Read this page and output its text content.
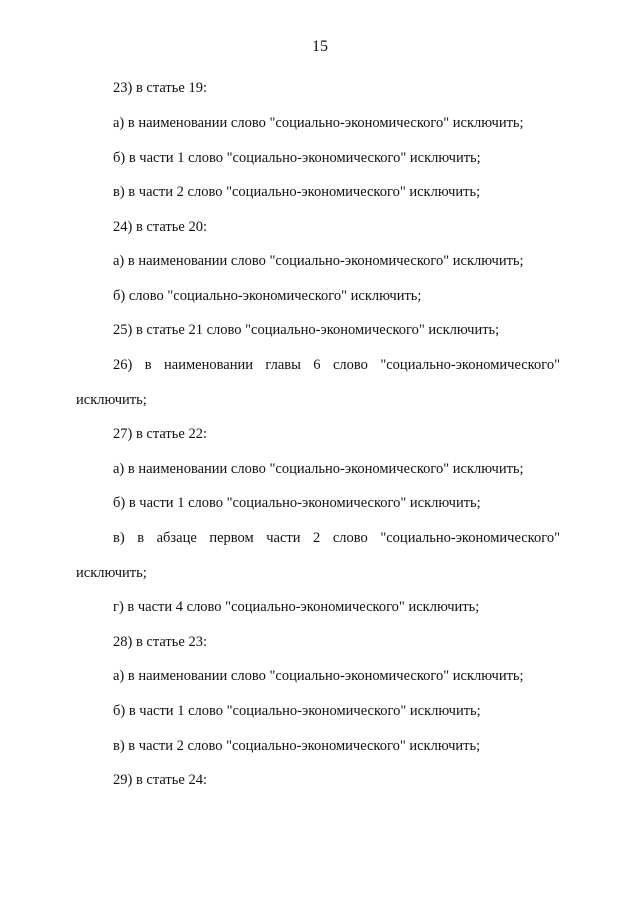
15
23) в статье 19:
а) в наименовании слово "социально-экономического" исключить;
б) в части 1 слово "социально-экономического" исключить;
в) в части 2 слово "социально-экономического" исключить;
24) в статье 20:
а) в наименовании слово "социально-экономического" исключить;
б) слово "социально-экономического" исключить;
25) в статье 21 слово "социально-экономического" исключить;
26) в наименовании главы 6 слово "социально-экономического"
исключить;
27) в статье 22:
а) в наименовании слово "социально-экономического" исключить;
б) в части 1 слово "социально-экономического" исключить;
в) в абзаце первом части 2 слово "социально-экономического"
исключить;
г) в части 4 слово "социально-экономического" исключить;
28) в статье 23:
а) в наименовании слово "социально-экономического" исключить;
б) в части 1 слово "социально-экономического" исключить;
в) в части 2 слово "социально-экономического" исключить;
29) в статье 24:
